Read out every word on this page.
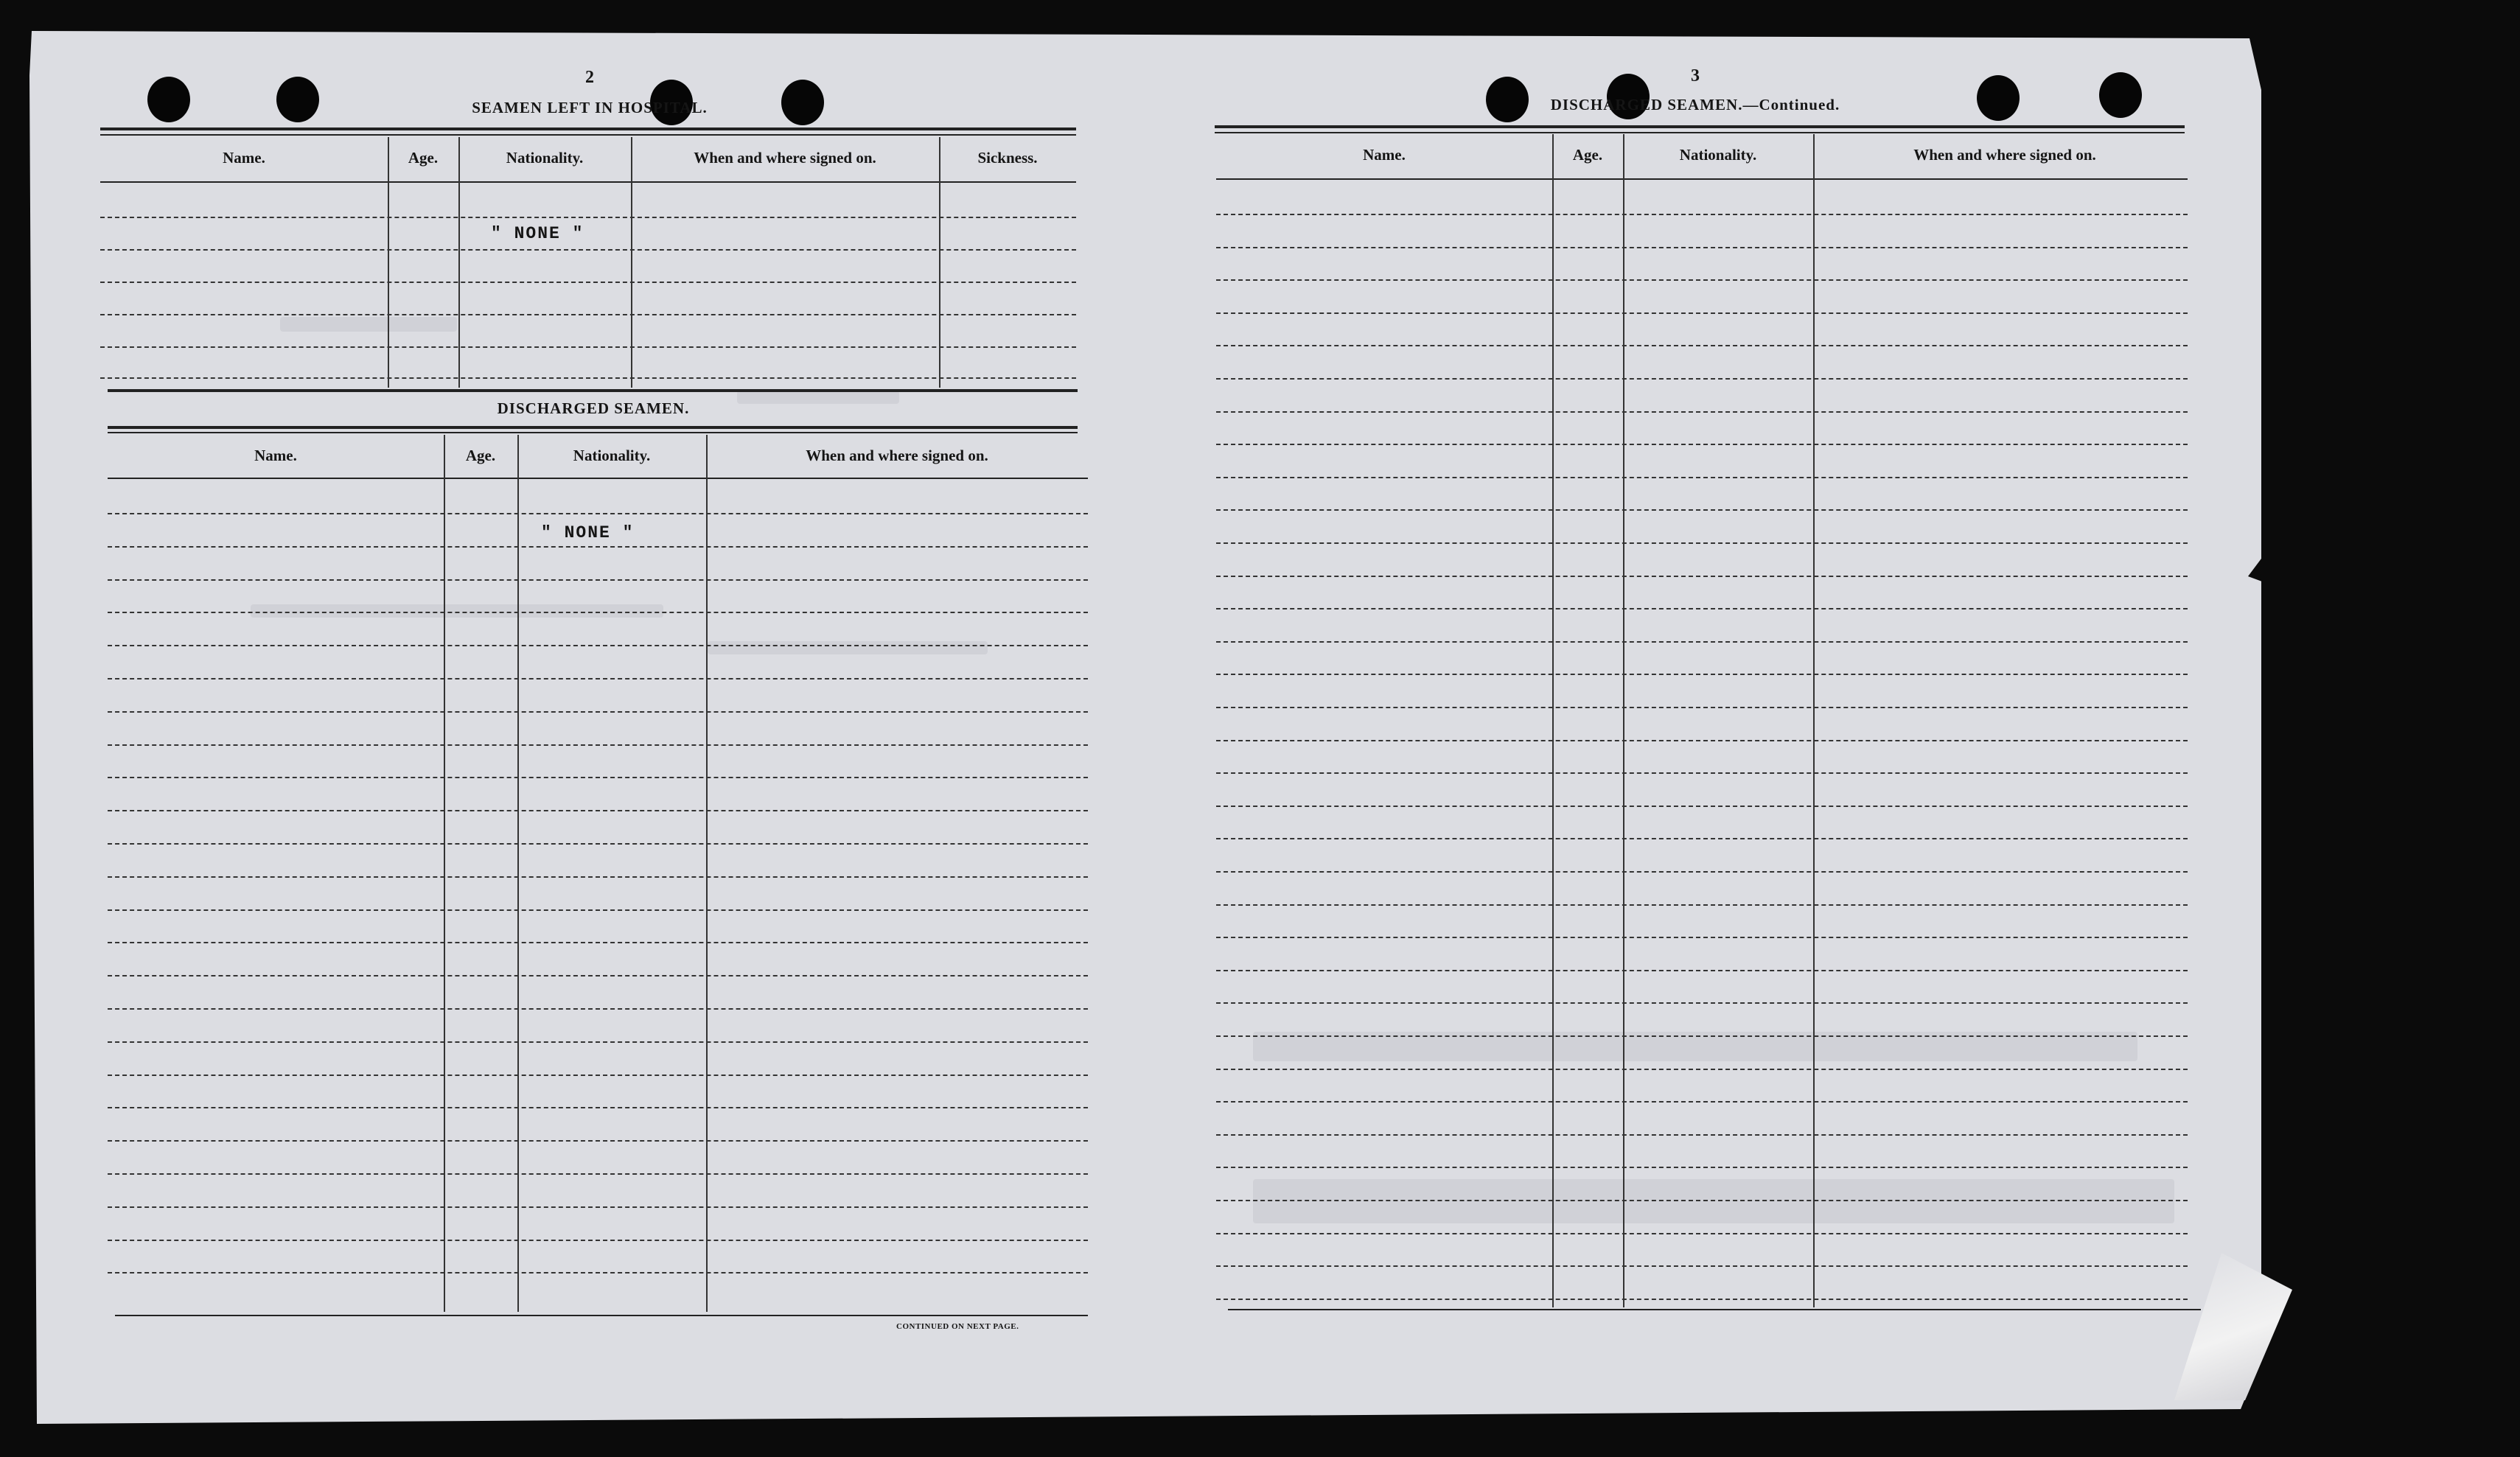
2
SEAMEN LEFT IN HOSPITAL.
Name.	Age.	Nationality.	When and where signed on.	Sickness.
" NONE "
DISCHARGED SEAMEN.
Name.	Age.	Nationality.	When and where signed on.
" NONE "
CONTINUED ON NEXT PAGE.
3
DISCHARGED SEAMEN.—Continued.
Name.	Age.	Nationality.	When and where signed on.
